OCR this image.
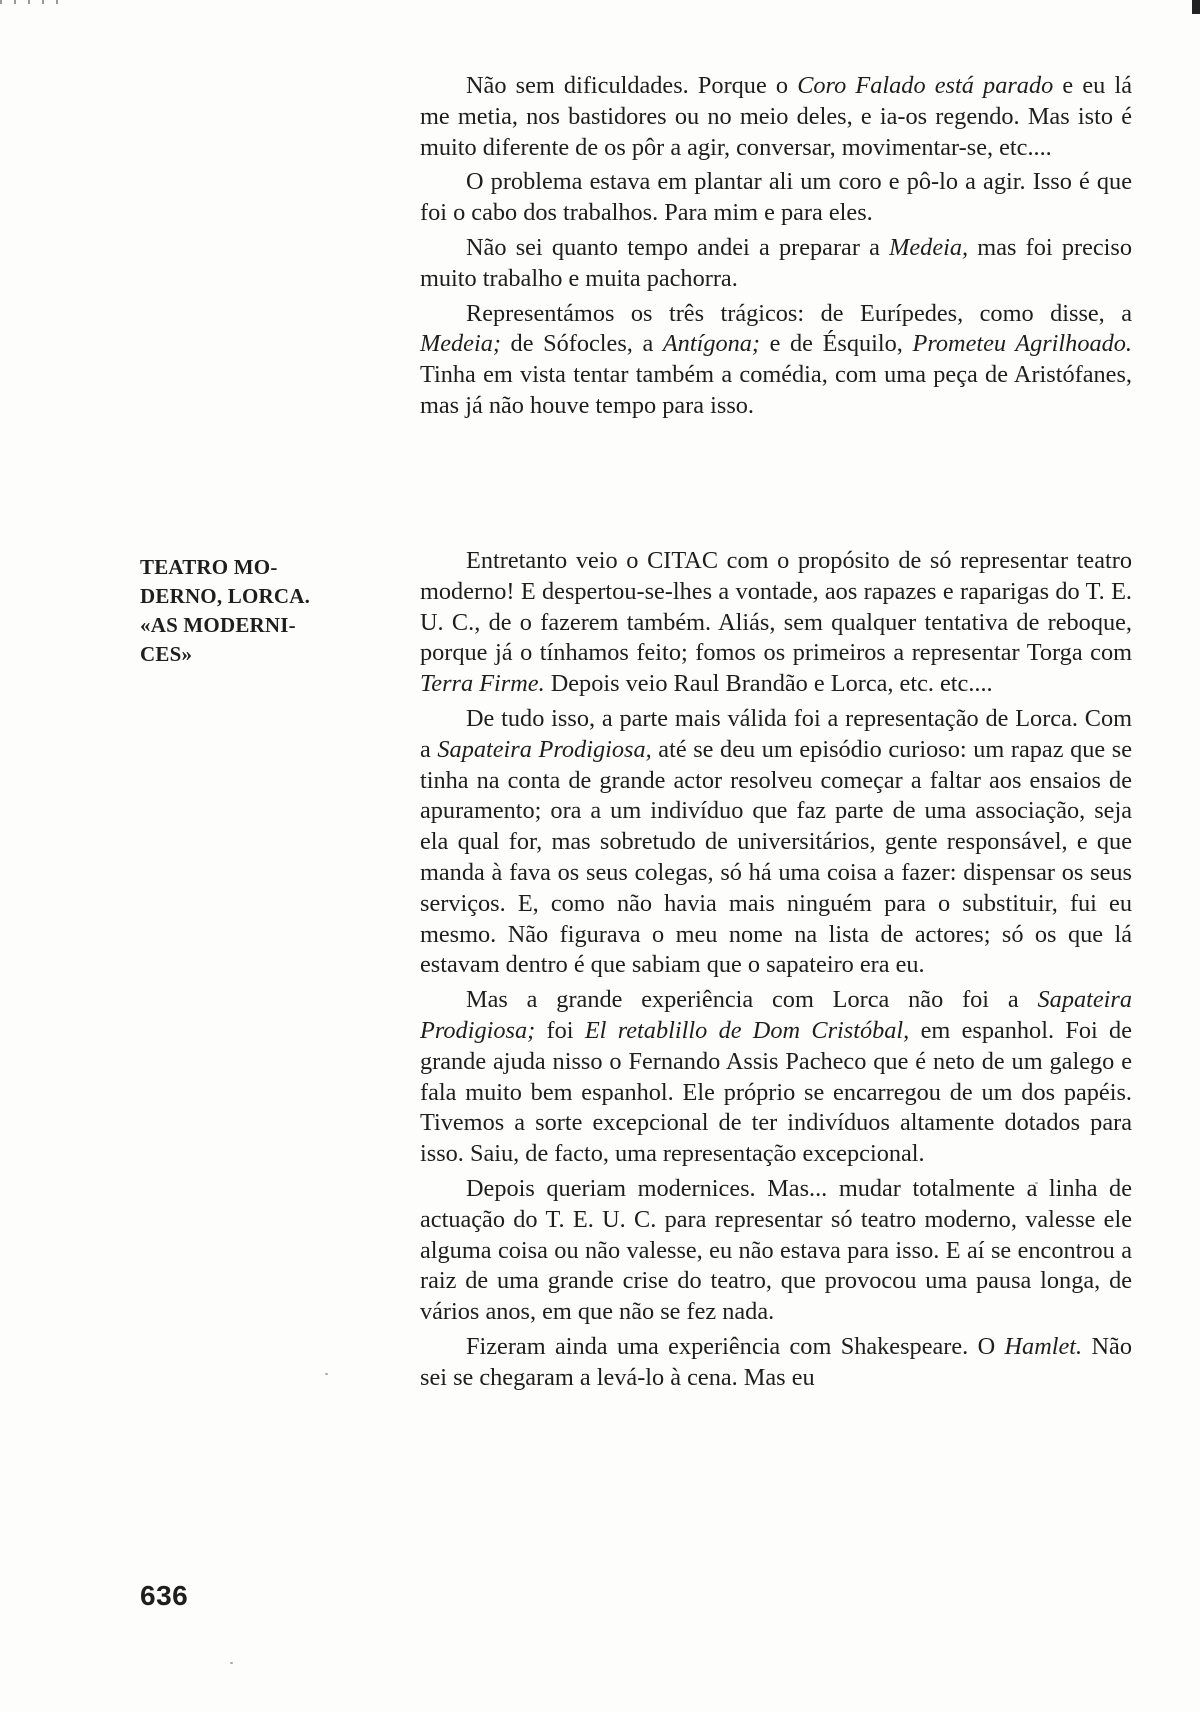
Não sem dificuldades. Porque o Coro Falado está parado e eu lá me metia, nos bastidores ou no meio deles, e ia-os regendo. Mas isto é muito diferente de os pôr a agir, conversar, movimentar-se, etc....

O problema estava em plantar ali um coro e pô-lo a agir. Isso é que foi o cabo dos trabalhos. Para mim e para eles.

Não sei quanto tempo andei a preparar a Medeia, mas foi preciso muito trabalho e muita pachorra.

Representámos os três trágicos: de Eurípedes, como disse, a Medeia; de Sófocles, a Antígona; e de Ésquilo, Prometeu Agrilhoado. Tinha em vista tentar também a comédia, com uma peça de Aristófanes, mas já não houve tempo para isso.

TEATRO MO-
DERNO, LORCA.
«AS MODERNI-
CES»

Entretanto veio o CITAC com o propósito de só representar teatro moderno! E despertou-se-lhes a vontade, aos rapazes e raparigas do T. E. U. C., de o fazerem também. Aliás, sem qualquer tentativa de reboque, porque já o tínhamos feito; fomos os primeiros a representar Torga com Terra Firme. Depois veio Raul Brandão e Lorca, etc. etc....

De tudo isso, a parte mais válida foi a representação de Lorca. Com a Sapateira Prodigiosa, até se deu um episódio curioso: um rapaz que se tinha na conta de grande actor resolveu começar a faltar aos ensaios de apuramento; ora a um indivíduo que faz parte de uma associação, seja ela qual for, mas sobretudo de universitários, gente responsável, e que manda à fava os seus colegas, só há uma coisa a fazer: dispensar os seus serviços. E, como não havia mais ninguém para o substituir, fui eu mesmo. Não figurava o meu nome na lista de actores; só os que lá estavam dentro é que sabiam que o sapateiro era eu.

Mas a grande experiência com Lorca não foi a Sapateira Prodigiosa; foi El retablillo de Dom Cristóbal, em espanhol. Foi de grande ajuda nisso o Fernando Assis Pacheco que é neto de um galego e fala muito bem espanhol. Ele próprio se encarregou de um dos papéis. Tivemos a sorte excepcional de ter indivíduos altamente dotados para isso. Saiu, de facto, uma representação excepcional.

Depois queriam modernices. Mas... mudar totalmente a linha de actuação do T. E. U. C. para representar só teatro moderno, valesse ele alguma coisa ou não valesse, eu não estava para isso. E aí se encontrou a raiz de uma grande crise do teatro, que provocou uma pausa longa, de vários anos, em que não se fez nada.

Fizeram ainda uma experiência com Shakespeare. O Hamlet. Não sei se chegaram a levá-lo à cena. Mas eu

636
